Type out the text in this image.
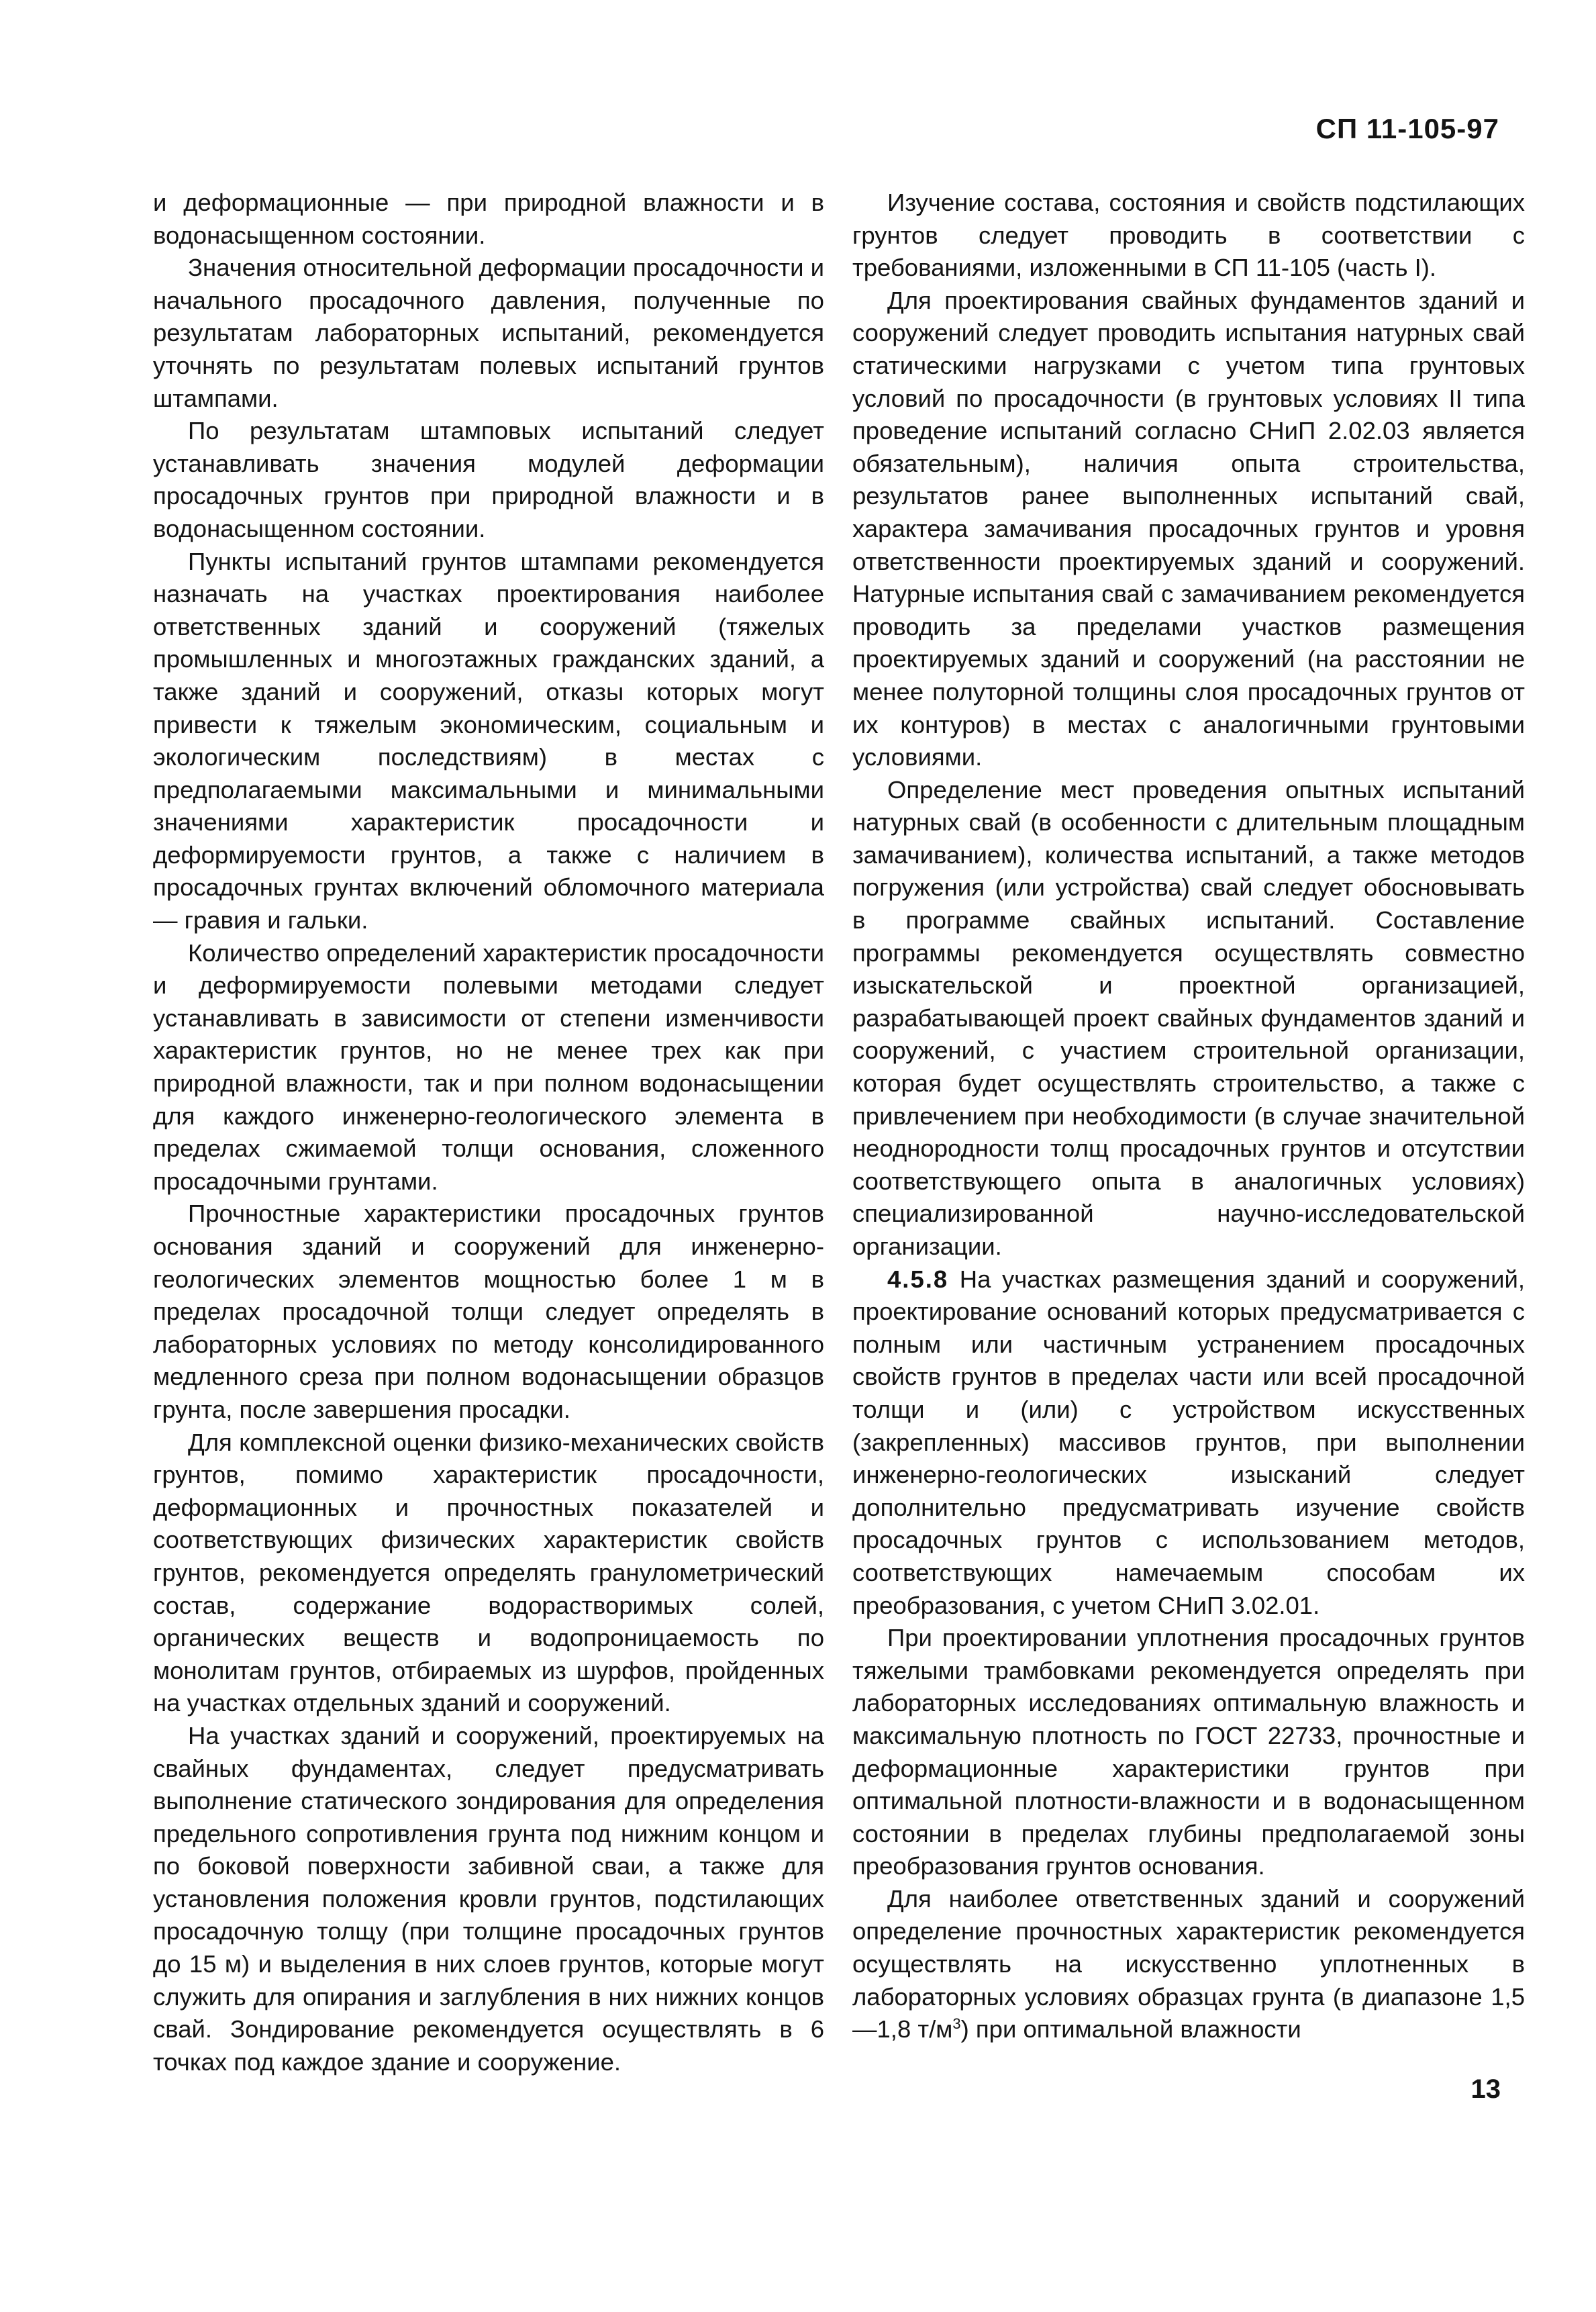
СП 11-105-97

и деформационные — при природной влажности и в водонасыщенном состоянии.

Значения относительной деформации просадочности и начального просадочного давления, полученные по результатам лабораторных испытаний, рекомендуется уточнять по результатам полевых испытаний грунтов штампами.

По результатам штамповых испытаний следует устанавливать значения модулей деформации просадочных грунтов при природной влажности и в водонасыщенном состоянии.

Пункты испытаний грунтов штампами рекомендуется назначать на участках проектирования наиболее ответственных зданий и сооружений (тяжелых промышленных и многоэтажных гражданских зданий, а также зданий и сооружений, отказы которых могут привести к тяжелым экономическим, социальным и экологическим последствиям) в местах с предполагаемыми максимальными и минимальными значениями характеристик просадочности и деформируемости грунтов, а также с наличием в просадочных грунтах включений обломочного материала — гравия и гальки.

Количество определений характеристик просадочности и деформируемости полевыми методами следует устанавливать в зависимости от степени изменчивости характеристик грунтов, но не менее трех как при природной влажности, так и при полном водонасыщении для каждого инженерно-геологического элемента в пределах сжимаемой толщи основания, сложенного просадочными грунтами.

Прочностные характеристики просадочных грунтов основания зданий и сооружений для инженерно-геологических элементов мощностью более 1 м в пределах просадочной толщи следует определять в лабораторных условиях по методу консолидированного медленного среза при полном водонасыщении образцов грунта, после завершения просадки.

Для комплексной оценки физико-механических свойств грунтов, помимо характеристик просадочности, деформационных и прочностных показателей и соответствующих физических характеристик свойств грунтов, рекомендуется определять гранулометрический состав, содержание водорастворимых солей, органических веществ и водопроницаемость по монолитам грунтов, отбираемых из шурфов, пройденных на участках отдельных зданий и сооружений.

На участках зданий и сооружений, проектируемых на свайных фундаментах, следует предусматривать выполнение статического зондирования для определения предельного сопротивления грунта под нижним концом и по боковой поверхности забивной сваи, а также для установления положения кровли грунтов, подстилающих просадочную толщу (при толщине просадочных грунтов до 15 м) и выделения в них слоев грунтов, которые могут служить для опирания и заглубления в них нижних концов свай. Зондирование рекомендуется осуществлять в 6 точках под каждое здание и сооружение.

Изучение состава, состояния и свойств подстилающих грунтов следует проводить в соответствии с требованиями, изложенными в СП 11-105 (часть I).

Для проектирования свайных фундаментов зданий и сооружений следует проводить испытания натурных свай статическими нагрузками с учетом типа грунтовых условий по просадочности (в грунтовых условиях II типа проведение испытаний согласно СНиП 2.02.03 является обязательным), наличия опыта строительства, результатов ранее выполненных испытаний свай, характера замачивания просадочных грунтов и уровня ответственности проектируемых зданий и сооружений. Натурные испытания свай с замачиванием рекомендуется проводить за пределами участков размещения проектируемых зданий и сооружений (на расстоянии не менее полуторной толщины слоя просадочных грунтов от их контуров) в местах с аналогичными грунтовыми условиями.

Определение мест проведения опытных испытаний натурных свай (в особенности с длительным площадным замачиванием), количества испытаний, а также методов погружения (или устройства) свай следует обосновывать в программе свайных испытаний. Составление программы рекомендуется осуществлять совместно изыскательской и проектной организацией, разрабатывающей проект свайных фундаментов зданий и сооружений, с участием строительной организации, которая будет осуществлять строительство, а также с привлечением при необходимости (в случае значительной неоднородности толщ просадочных грунтов и отсутствии соответствующего опыта в аналогичных условиях) специализированной научно-исследовательской организации.

4.5.8 На участках размещения зданий и сооружений, проектирование оснований которых предусматривается с полным или частичным устранением просадочных свойств грунтов в пределах части или всей просадочной толщи и (или) с устройством искусственных (закрепленных) массивов грунтов, при выполнении инженерно-геологических изысканий следует дополнительно предусматривать изучение свойств просадочных грунтов с использованием методов, соответствующих намечаемым способам их преобразования, с учетом СНиП 3.02.01.

При проектировании уплотнения просадочных грунтов тяжелыми трамбовками рекомендуется определять при лабораторных исследованиях оптимальную влажность и максимальную плотность по ГОСТ 22733, прочностные и деформационные характеристики грунтов при оптимальной плотности-влажности и в водонасыщенном состоянии в пределах глубины предполагаемой зоны преобразования грунтов основания.

Для наиболее ответственных зданий и сооружений определение прочностных характеристик рекомендуется осуществлять на искусственно уплотненных в лабораторных условиях образцах грунта (в диапазоне 1,5—1,8 $т/м^3$) при оптимальной влажности

13
